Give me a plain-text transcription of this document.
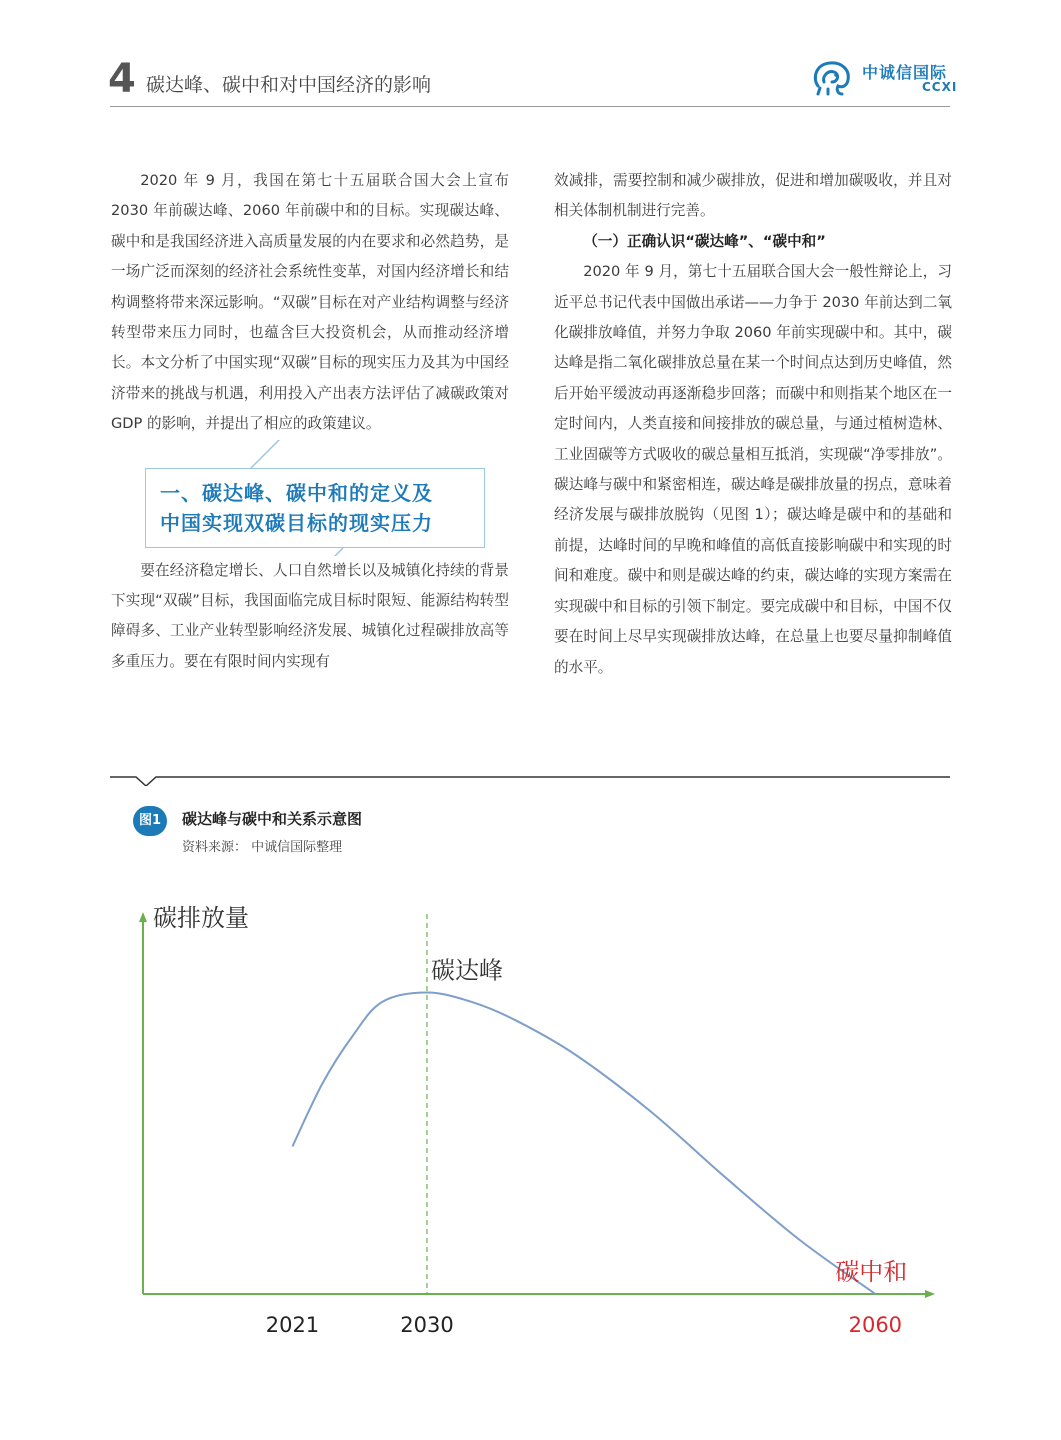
4 碳达峰、碳中和对中国经济的影响
中诚信国际
CCXI

2020 年 9 月，我国在第七十五届联合国大会上宣布 2030 年前碳达峰、2060 年前碳中和的目标。实现碳达峰、碳中和是我国经济进入高质量发展的内在要求和必然趋势，是一场广泛而深刻的经济社会系统性变革，对国内经济增长和结构调整将带来深远影响。“双碳”目标在对产业结构调整与经济转型带来压力同时，也蕴含巨大投资机会，从而推动经济增长。本文分析了中国实现“双碳”目标的现实压力及其为中国经济带来的挑战与机遇，利用投入产出表方法评估了减碳政策对 GDP 的影响，并提出了相应的政策建议。

一、碳达峰、碳中和的定义及
中国实现双碳目标的现实压力

要在经济稳定增长、人口自然增长以及城镇化持续的背景下实现“双碳”目标，我国面临完成目标时限短、能源结构转型障碍多、工业产业转型影响经济发展、城镇化过程碳排放高等多重压力。要在有限时间内实现有

效减排，需要控制和减少碳排放，促进和增加碳吸收，并且对相关体制机制进行完善。

（一）正确认识“碳达峰”、“碳中和”

2020 年 9 月，第七十五届联合国大会一般性辩论上，习近平总书记代表中国做出承诺——力争于 2030 年前达到二氧化碳排放峰值，并努力争取 2060 年前实现碳中和。其中，碳达峰是指二氧化碳排放总量在某一个时间点达到历史峰值，然后开始平缓波动再逐渐稳步回落；而碳中和则指某个地区在一定时间内，人类直接和间接排放的碳总量，与通过植树造林、工业固碳等方式吸收的碳总量相互抵消，实现碳“净零排放”。碳达峰与碳中和紧密相连，碳达峰是碳排放量的拐点，意味着经济发展与碳排放脱钩（见图 1）；碳达峰是碳中和的基础和前提，达峰时间的早晚和峰值的高低直接影响碳中和实现的时间和难度。碳中和则是碳达峰的约束，碳达峰的实现方案需在实现碳中和目标的引领下制定。要完成碳中和目标，中国不仅要在时间上尽早实现碳排放达峰，在总量上也要尽量抑制峰值的水平。

图1	碳达峰与碳中和关系示意图
资料来源： 中诚信国际整理
碳排放量
碳达峰
碳中和
2021	2030	2060
